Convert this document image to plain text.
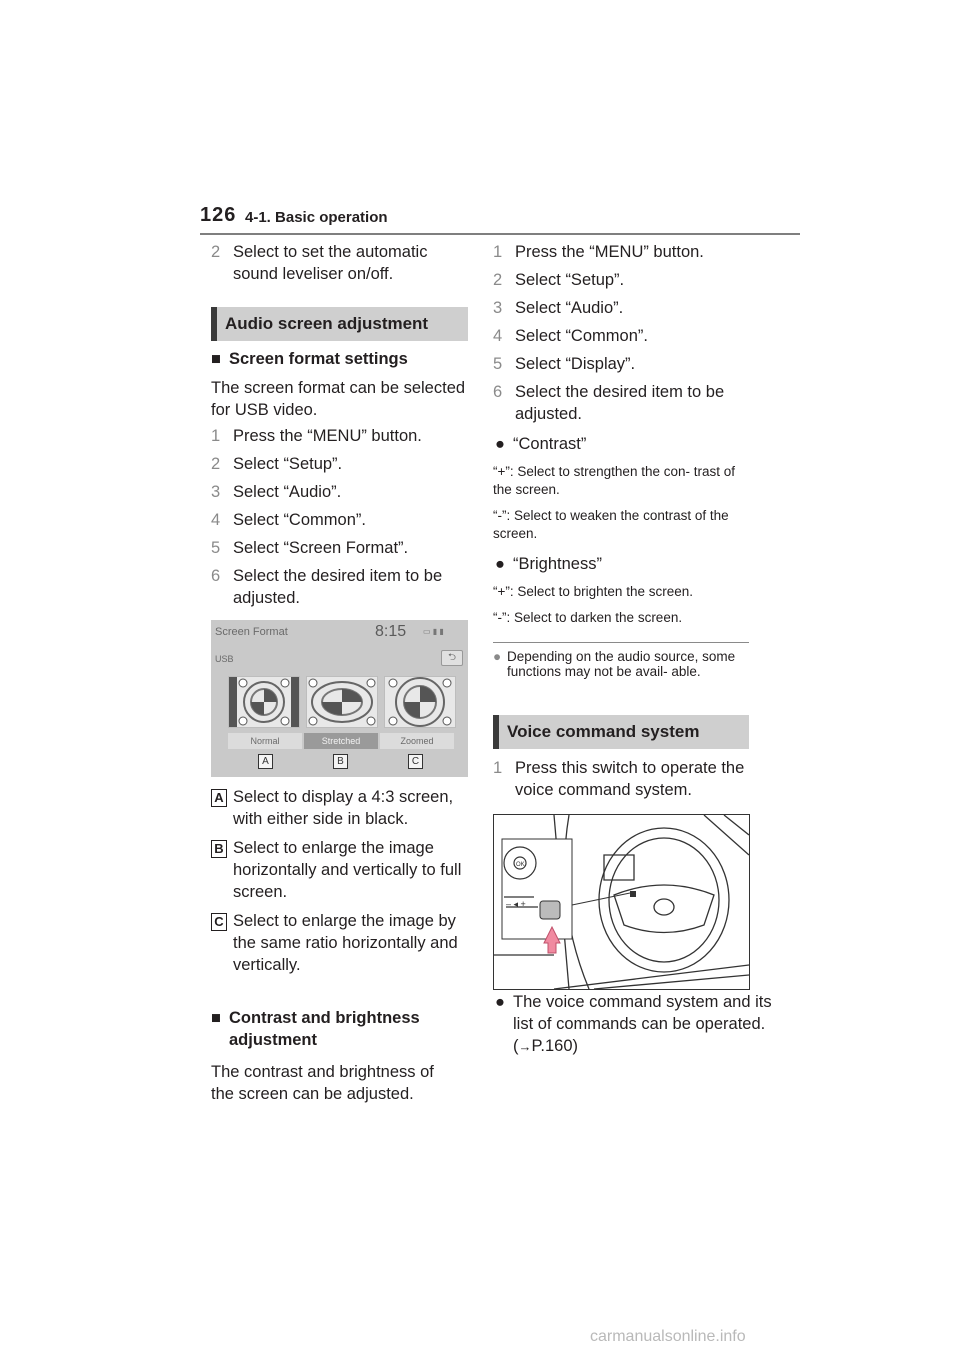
126 4-1. Basic operation
2 Select to set the automatic sound leveliser on/off.
Audio screen adjustment
■ Screen format settings

The screen format can be selected for USB video.

1 Press the “MENU” button.
2 Select “Setup”.
3 Select “Audio”.
4 Select “Common”.
5 Select “Screen Format”.
6 Select the desired item to be adjusted.
Screen Format	8:15 ▭ ▮ ▮
USB	⮌
Normal	Stretched	Zoomed
A	B	C
A Select to display a 4:3 screen, with either side in black.
B Select to enlarge the image horizontally and vertically to full screen.
C Select to enlarge the image by the same ratio horizontally and vertically.
■ Contrast and brightness adjustment

The contrast and brightness of the screen can be adjusted.

1 Press the “MENU” button.
2 Select “Setup”.
3 Select “Audio”.
4 Select “Common”.
5 Select “Display”.
6 Select the desired item to be adjusted.
● “Contrast”

“+”: Select to strengthen the con- trast of the screen.

“-”: Select to weaken the contrast of the screen.

● “Brightness”

“+”: Select to brighten the screen.

“-”: Select to darken the screen.

● Depending on the audio source, some functions may not be avail- able.
Voice command system
1 Press this switch to operate the voice command system.
OK
– ◂ +
● The voice command system and its list of commands can be operated. (→P.160)
carmanualsonline.info
